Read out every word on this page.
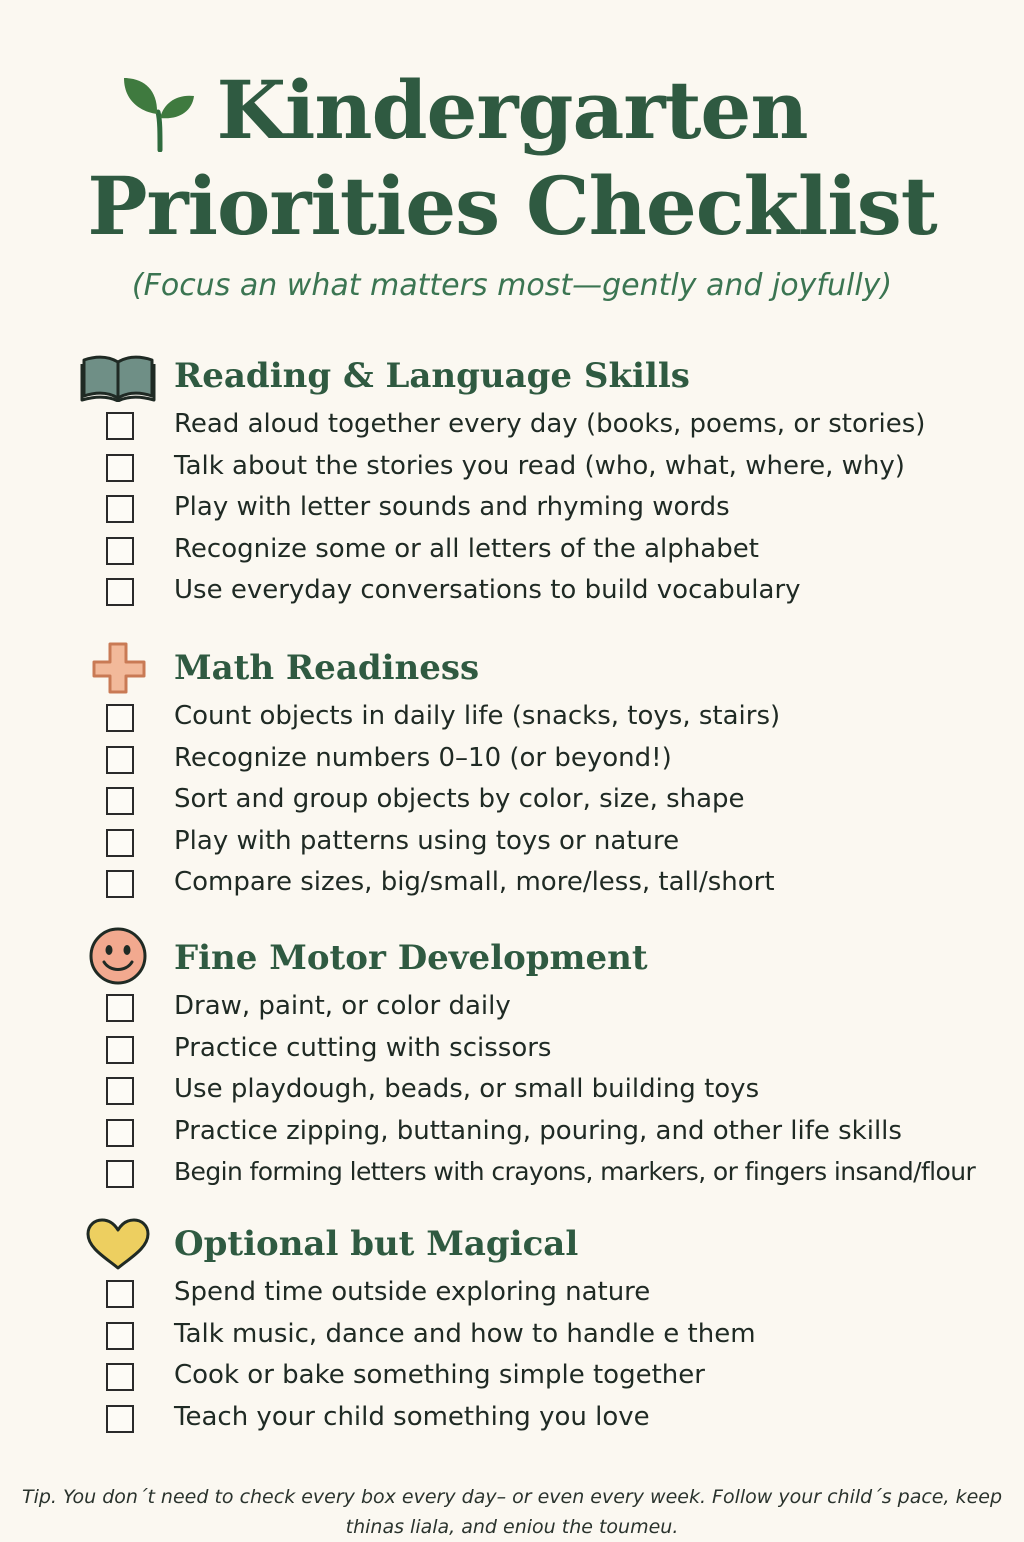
Kindergarten
Priorities Checklist
(Focus an what matters most—gently and joyfully)
Reading & Language Skills
Read aloud together every day (books, poems, or stories)
Talk about the stories you read (who, what, where, why)
Play with letter sounds and rhyming words
Recognize some or all letters of the alphabet
Use everyday conversations to build vocabulary
Math Readiness
Count objects in daily life (snacks, toys, stairs)
Recognize numbers 0–10 (or beyond!)
Sort and group objects by color, size, shape
Play with patterns using toys or nature
Compare sizes, big/small, more/less, tall/short
Fine Motor Development
Draw, paint, or color daily
Practice cutting with scissors
Use playdough, beads, or small building toys
Practice zipping, buttaning, pouring, and other life skills
Begin forming letters with crayons, markers, or fingers insand/flour
Optional but Magical
Spend time outside exploring nature
Talk music, dance and how to handle e them
Cook or bake something simple together
Teach your child something you love
Tip. You don´t need to check every box every day– or even every week. Follow your child´s pace, keep thinas liala, and eniou the toumeu.
